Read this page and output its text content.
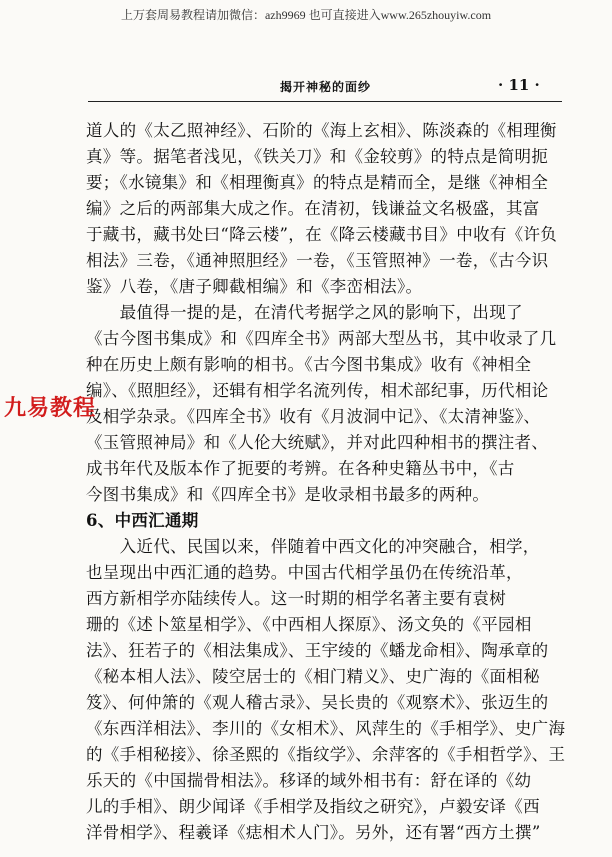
上万套周易教程请加微信：azh9969 也可直接进入www.265zhouyiw.com
揭开神秘的面纱	· 11 ·
道人的《太乙照神经》、石阶的《海上玄相》、陈淡森的《相理衡
真》等。据笔者浅见，《铁关刀》和《金较剪》的特点是简明扼
要；《水镜集》和《相理衡真》的特点是精而全，是继《神相全
编》之后的两部集大成之作。在清初，钱谦益文名极盛，其富
于藏书，藏书处曰“降云楼”，在《降云楼藏书目》中收有《许负
相法》三卷，《通神照胆经》一卷，《玉管照神》一卷，《古今识
鉴》八卷，《唐子卿截相编》和《李峦相法》。
　　最值得一提的是，在清代考据学之风的影响下，出现了
《古今图书集成》和《四库全书》两部大型丛书，其中收录了几
种在历史上颇有影响的相书。《古今图书集成》收有《神相全
编》、《照胆经》，还辑有相学名流列传，相术部纪事，历代相论
及相学杂录。《四库全书》收有《月波洞中记》、《太清神鉴》、
《玉管照神局》和《人伦大统赋》，并对此四种相书的撰注者、
成书年代及版本作了扼要的考辨。在各种史籍丛书中，《古
今图书集成》和《四库全书》是收录相书最多的两种。
6、中西汇通期
　　入近代、民国以来，伴随着中西文化的冲突融合，相学，
也呈现出中西汇通的趋势。中国古代相学虽仍在传统沿革，
西方新相学亦陆续传人。这一时期的相学名著主要有袁树
珊的《述卜筮星相学》、《中西相人探原》、汤文奂的《平园相
法》、狂若子的《相法集成》、王宇绫的《蟠龙命相》、陶承章的
《秘本相人法》、陵空居士的《相门精义》、史广海的《面相秘
笈》、何仲箫的《观人稽古录》、吴长贵的《观察术》、张迈生的
《东西洋相法》、李川的《女相术》、风萍生的《手相学》、史广海
的《手相秘接》、徐圣熙的《指纹学》、余萍客的《手相哲学》、王
乐天的《中国揣骨相法》。移译的域外相书有：舒在译的《幼
儿的手相》、朗少闻译《手相学及指纹之研究》，卢毅安译《西
洋骨相学》、程羲译《痣相术人门》。另外，还有署“西方土撰”
九易教程
